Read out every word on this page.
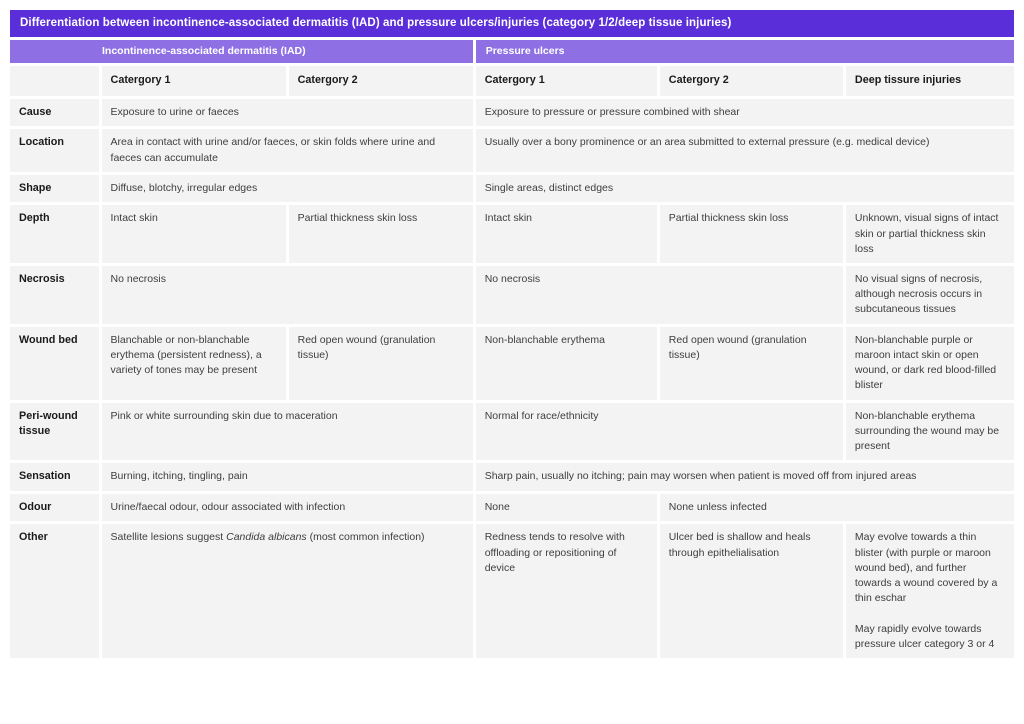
Differentiation between incontinence-associated dermatitis (IAD) and pressure ulcers/injuries (category 1/2/deep tissue injuries)					
Incontinence-associated dermatitis (IAD)			Pressure ulcers		
	Catergory 1	Catergory 2	Catergory 1	Catergory 2	Deep tissure injuries
Cause	Exposure to urine or faeces		Exposure to pressure or pressure combined with shear		
Location	Area in contact with urine and/or faeces, or skin folds where urine and faeces can accumulate		Usually over a bony prominence or an area submitted to external pressure (e.g. medical device)		
Shape	Diffuse, blotchy, irregular edges		Single areas, distinct edges		
Depth	Intact skin	Partial thickness skin loss	Intact skin	Partial thickness skin loss	Unknown, visual signs of intact skin or partial thickness skin loss
Necrosis	No necrosis		No necrosis		No visual signs of necrosis, although necrosis occurs in subcutaneous tissues
Wound bed	Blanchable or non-blanchable erythema (persistent redness), a variety of tones may be present	Red open wound (granulation tissue)	Non-blanchable erythema	Red open wound (granulation tissue)	Non-blanchable purple or maroon intact skin or open wound, or dark red blood-filled blister
Peri-wound tissue	Pink or white surrounding skin due to maceration		Normal for race/ethnicity		Non-blanchable erythema surrounding the wound may be present
Sensation	Burning, itching, tingling, pain		Sharp pain, usually no itching; pain may worsen when patient is moved off from injured areas		
Odour	Urine/faecal odour, odour associated with infection		None	None unless infected	
Other	Satellite lesions suggest Candida albicans (most common infection)		Redness tends to resolve with offloading or repositioning of device	Ulcer bed is shallow and heals through epithelialisation	May evolve towards a thin blister (with purple or maroon wound bed), and further towards a wound covered by a thin eschar
May rapidly evolve towards pressure ulcer category 3 or 4
